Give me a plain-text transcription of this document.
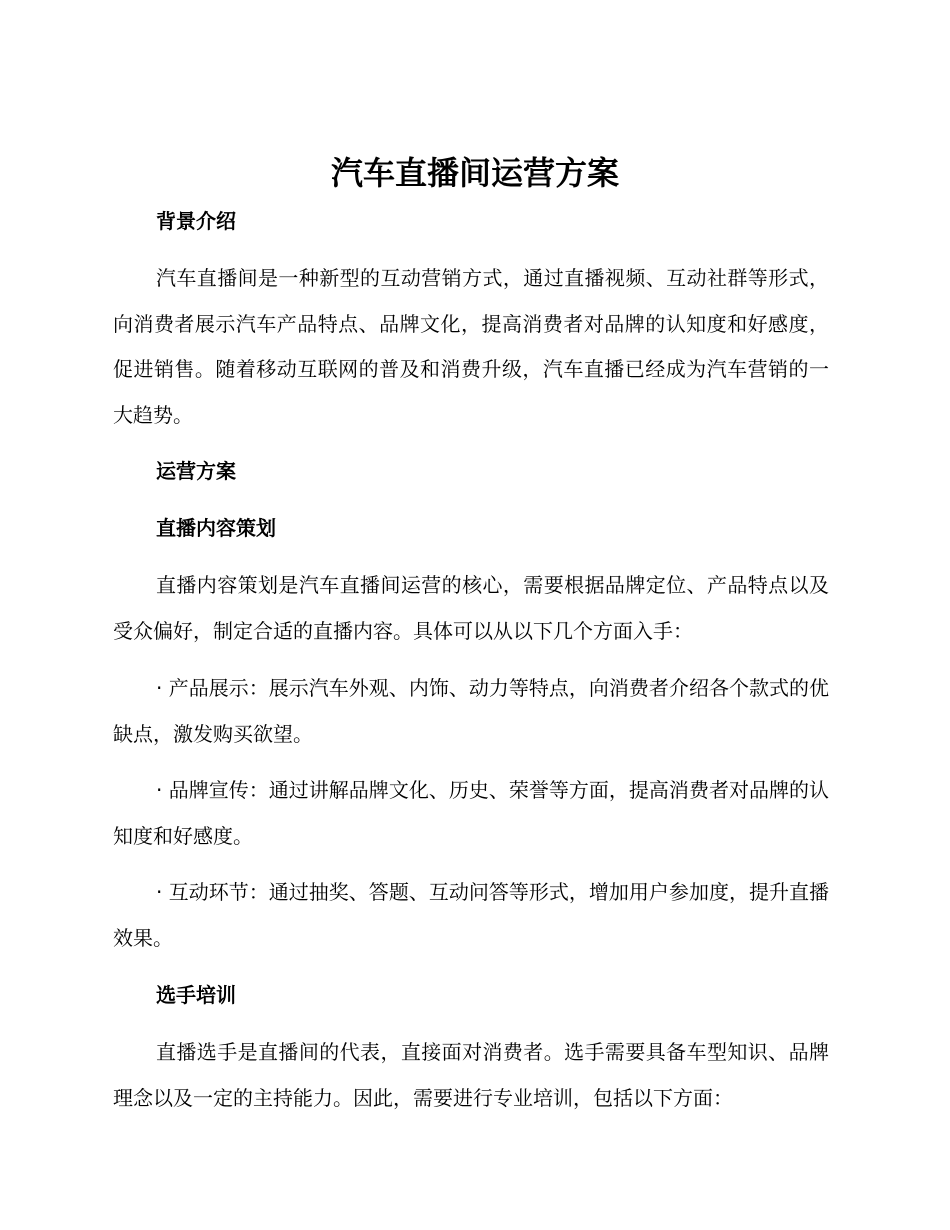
汽车直播间运营方案
背景介绍

汽车直播间是一种新型的互动营销方式，通过直播视频、互动社群等形式，向消费者展示汽车产品特点、品牌文化，提高消费者对品牌的认知度和好感度，促进销售。随着移动互联网的普及和消费升级，汽车直播已经成为汽车营销的一大趋势。

运营方案
直播内容策划

直播内容策划是汽车直播间运营的核心，需要根据品牌定位、产品特点以及受众偏好，制定合适的直播内容。具体可以从以下几个方面入手：

· 产品展示：展示汽车外观、内饰、动力等特点，向消费者介绍各个款式的优缺点，激发购买欲望。

· 品牌宣传：通过讲解品牌文化、历史、荣誉等方面，提高消费者对品牌的认知度和好感度。

· 互动环节：通过抽奖、答题、互动问答等形式，增加用户参加度，提升直播效果。

选手培训

直播选手是直播间的代表，直接面对消费者。选手需要具备车型知识、品牌理念以及一定的主持能力。因此，需要进行专业培训，包括以下方面：
